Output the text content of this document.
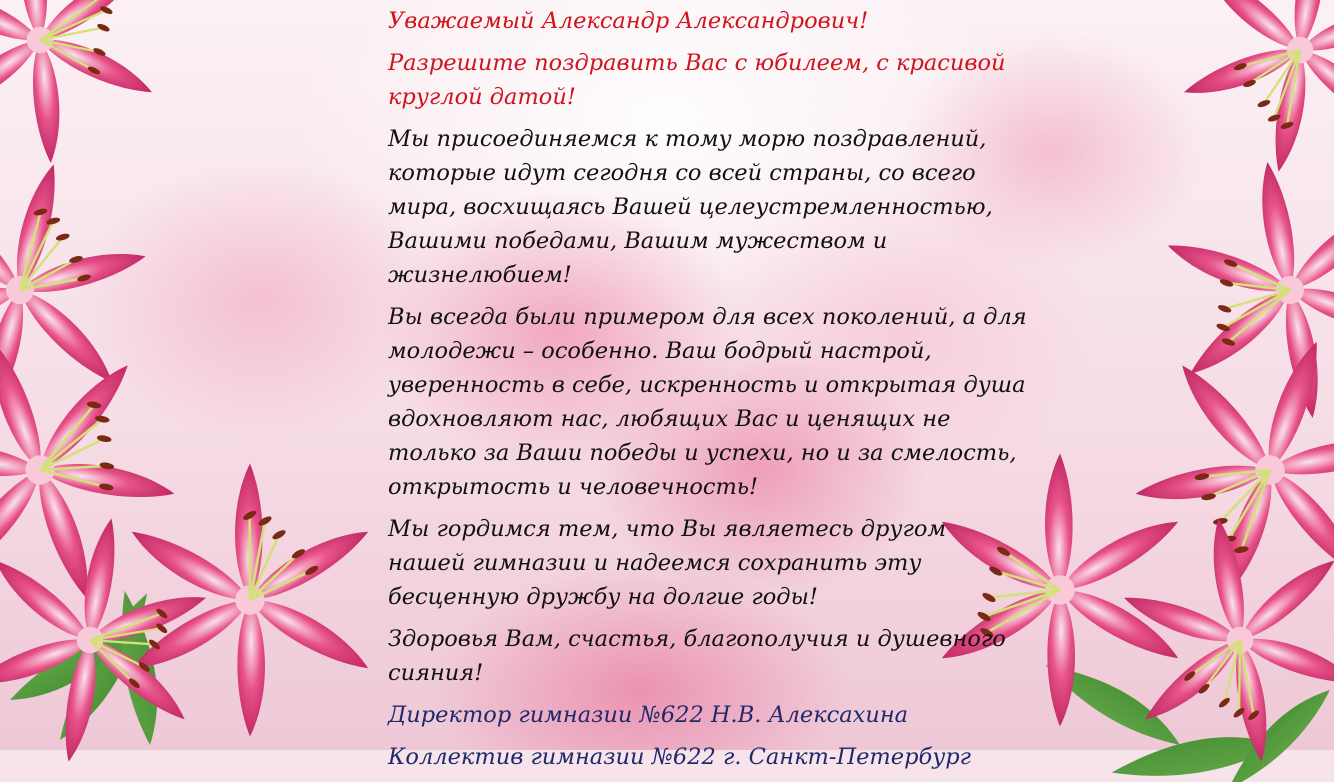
Уважаемый Александр Александрович!

Разрешите поздравить Вас с юбилеем, с красивой круглой датой!

Мы присоединяемся к тому морю поздравлений, которые идут сегодня со всей страны, со всего мира, восхищаясь Вашей целеустремленностью, Вашими победами, Вашим мужеством и жизнелюбием!

Вы всегда были примером для всех поколений, а для молодежи – особенно. Ваш бодрый настрой, уверенность в себе, искренность и открытая душа вдохновляют нас, любящих Вас и ценящих не только за Ваши победы и успехи, но и за смелость, открытость и человечность!

Мы гордимся тем, что Вы являетесь другом нашей гимназии и надеемся сохранить эту бесценную дружбу на долгие годы!

Здоровья Вам, счастья, благополучия и душевного сияния!

Директор гимназии №622 Н.В. Алексахина

Коллектив гимназии №622 г. Санкт-Петербург
